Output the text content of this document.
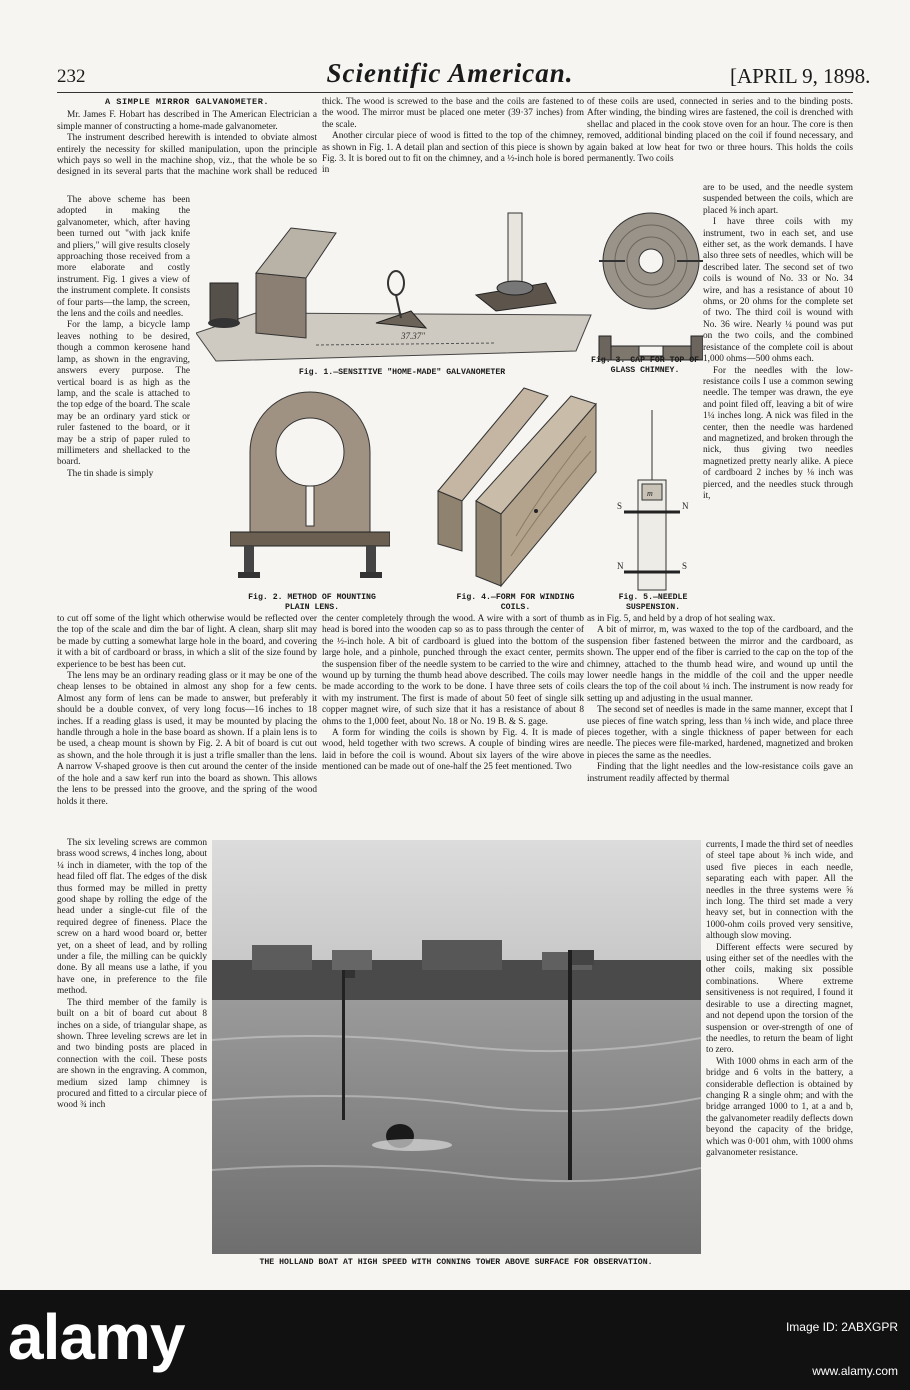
232	Scientific American.	[APRIL 9, 1898.
A SIMPLE MIRROR GALVANOMETER.

Mr. James F. Hobart has described in The American Electrician a simple manner of constructing a home-made galvanometer.

The instrument described herewith is intended to obviate almost entirely the necessity for skilled manipulation, upon the principle which pays so well in the machine shop, viz., that the whole be so designed in its several parts that the machine work shall be reduced

The above scheme has been adopted in making the galvanometer, which, after having been turned out "with jack knife and pliers," will give results closely approaching those received from a more elaborate and costly instrument. Fig. 1 gives a view of the instrument complete. It consists of four parts—the lamp, the screen, the lens and the coils and needles.

For the lamp, a bicycle lamp leaves nothing to be desired, though a common kerosene hand lamp, as shown in the engraving, answers every purpose. The vertical board is as high as the lamp, and the scale is attached to the top edge of the board. The scale may be an ordinary yard stick or ruler fastened to the board, or it may be a strip of paper ruled to millimeters and shellacked to the board.

The tin shade is simply

thick. The wood is screwed to the base and the coils are fastened to the wood. The mirror must be placed one meter (39·37 inches) from the scale.

Another circular piece of wood is fitted to the top of the chimney, as shown in Fig. 1. A detail plan and section of this piece is shown by Fig. 3. It is bored out to fit on the chimney, and a ½-inch hole is bored in

of these coils are used, connected in series and to the binding posts. After winding, the binding wires are fastened, the coil is drenched with shellac and placed in the cook stove oven for an hour. The core is then removed, additional binding placed on the coil if found necessary, and again baked at low heat for two or three hours. This holds the coils permanently. Two coils

are to be used, and the needle system suspended between the coils, which are placed ⅜ inch apart.

I have three coils with my instrument, two in each set, and use either set, as the work demands. I have also three sets of needles, which will be described later. The second set of two coils is wound of No. 33 or No. 34 wire, and has a resistance of about 10 ohms, or 20 ohms for the complete set of two. The third coil is wound with No. 36 wire. Nearly ¼ pound was put on the two coils, and the combined resistance of the complete coil is about 1,000 ohms—500 ohms each.

For the needles with the low-resistance coils I use a common sewing needle. The temper was drawn, the eye and point filed off, leaving a bit of wire 1¼ inches long. A nick was filed in the center, then the needle was hardened and magnetized, and broken through the nick, thus giving two needles magnetized pretty nearly alike. A piece of cardboard 2 inches by ⅛ inch was pierced, and the needles stuck through it,

37.37"
Fig. 1.—SENSITIVE "HOME-MADE" GALVANOMETER
Fig. 3.—CAP FOR TOP OF
GLASS CHIMNEY.
Fig. 2. METHOD OF MOUNTING
PLAIN LENS.
Fig. 4.—FORM FOR WINDING
COILS.
m
S	N
N	S
Fig. 5.—NEEDLE
SUSPENSION.

to cut off some of the light which otherwise would be reflected over the top of the scale and dim the bar of light. A clean, sharp slit may be made by cutting a somewhat large hole in the board, and covering it with a bit of cardboard or brass, in which a slit of the size found by experience to be best has been cut.

The lens may be an ordinary reading glass or it may be one of the cheap lenses to be obtained in almost any shop for a few cents. Almost any form of lens can be made to answer, but preferably it should be a double convex, of very long focus—16 inches to 18 inches. If a reading glass is used, it may be mounted by placing the handle through a hole in the base board as shown. If a plain lens is to be used, a cheap mount is shown by Fig. 2. A bit of board is cut out as shown, and the hole through it is just a trifle smaller than the lens. A narrow V-shaped groove is then cut around the center of the inside of the hole and a saw kerf run into the board as shown. This allows the lens to be pressed into the groove, and the spring of the wood holds it there.

The six leveling screws are common brass wood screws, 4 inches long, about ¼ inch in diameter, with the top of the head filed off flat. The edges of the disk thus formed may be milled in pretty good shape by rolling the edge of the head under a single-cut file of the required degree of fineness. Place the screw on a hard wood board or, better yet, on a sheet of lead, and by rolling under a file, the milling can be quickly done. By all means use a lathe, if you have one, in preference to the file method.

The third member of the family is built on a bit of board cut about 8 inches on a side, of triangular shape, as shown. Three leveling screws are let in and two binding posts are placed in connection with the coil. These posts are shown in the engraving. A common, medium sized lamp chimney is procured and fitted to a circular piece of wood ¾ inch

the center completely through the wood. A wire with a sort of thumb head is bored into the wooden cap so as to pass through the center of the ½-inch hole. A bit of cardboard is glued into the bottom of the large hole, and a pinhole, punched through the exact center, permits the suspension fiber of the needle system to be carried to the wire and wound up by turning the thumb head above described. The coils may be made according to the work to be done. I have three sets of coils with my instrument. The first is made of about 50 feet of single silk copper magnet wire, of such size that it has a resistance of about 8 ohms to the 1,000 feet, about No. 18 or No. 19 B. & S. gage.

A form for winding the coils is shown by Fig. 4. It is made of wood, held together with two screws. A couple of binding wires are laid in before the coil is wound. About six layers of the wire above mentioned can be made out of one-half the 25 feet mentioned. Two

as in Fig. 5, and held by a drop of hot sealing wax.

A bit of mirror, m, was waxed to the top of the cardboard, and the suspension fiber fastened between the mirror and the cardboard, as shown. The upper end of the fiber is carried to the cap on the top of the chimney, attached to the thumb head wire, and wound up until the lower needle hangs in the middle of the coil and the upper needle clears the top of the coil about ¼ inch. The instrument is now ready for setting up and adjusting in the usual manner.

The second set of needles is made in the same manner, except that I use pieces of fine watch spring, less than ⅛ inch wide, and place three pieces together, with a single thickness of paper between for each needle. The pieces were file-marked, hardened, magnetized and broken in pieces the same as the needles.

Finding that the light needles and the low-resistance coils gave an instrument readily affected by thermal

currents, I made the third set of needles of steel tape about ⅜ inch wide, and used five pieces in each needle, separating each with paper. All the needles in the three systems were ⅝ inch long. The third set made a very heavy set, but in connection with the 1000-ohm coils proved very sensitive, although slow moving.

Different effects were secured by using either set of the needles with the other coils, making six possible combinations. Where extreme sensitiveness is not required, I found it desirable to use a directing magnet, and not depend upon the torsion of the suspension or over-strength of one of the needles, to return the beam of light to zero.

With 1000 ohms in each arm of the bridge and 6 volts in the battery, a considerable deflection is obtained by changing R a single ohm; and with the bridge arranged 1000 to 1, at a and b, the galvanometer readily deflects down beyond the capacity of the bridge, which was 0·001 ohm, with 1000 ohms galvanometer resistance.

THE HOLLAND BOAT AT HIGH SPEED WITH CONNING TOWER ABOVE SURFACE FOR OBSERVATION.
alamy	Image ID: 2ABXGPR
www.alamy.com
